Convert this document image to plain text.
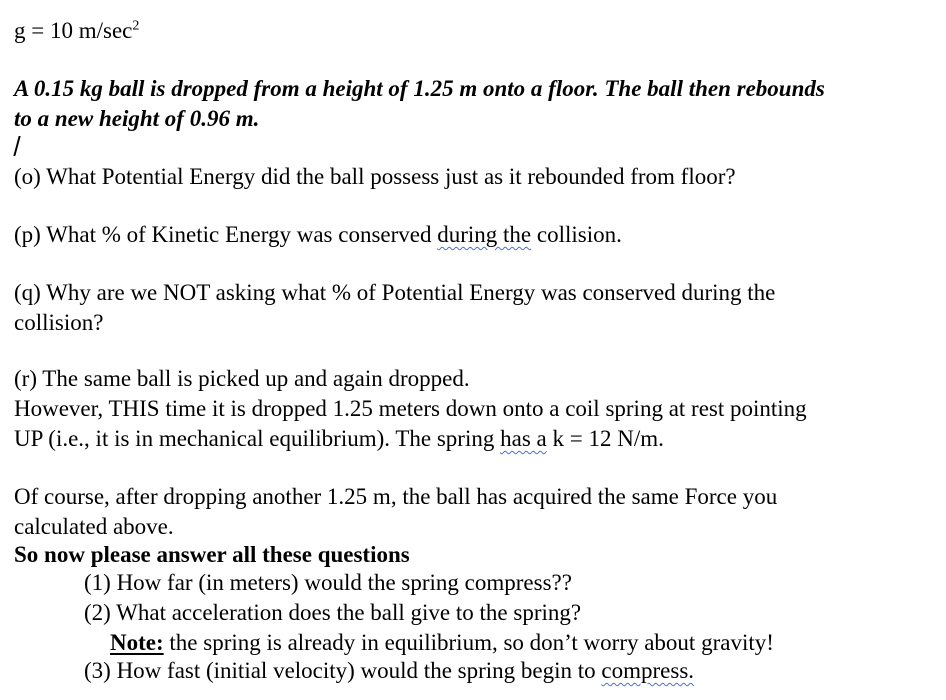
g = 10 $m/\sec^2$
A 0.15 kg ball is dropped from a height of 1.25 m onto a floor. The ball then rebounds
to a new height of 0.96 m.
(o) What Potential Energy did the ball possess just as it rebounded from floor?
(p) What % of Kinetic Energy was conserved during the collision.
(q) Why are we NOT asking what % of Potential Energy was conserved during the
collision?
(r) The same ball is picked up and again dropped.
However, THIS time it is dropped 1.25 meters down onto a coil spring at rest pointing
UP (i.e., it is in mechanical equilibrium). The spring has a k = 12 N/m.
Of course, after dropping another 1.25 m, the ball has acquired the same Force you
calculated above.
So now please answer all these questions
(1) How far (in meters) would the spring compress??
(2) What acceleration does the ball give to the spring?
Note: the spring is already in equilibrium, so don’t worry about gravity!
(3) How fast (initial velocity) would the spring begin to compress.
